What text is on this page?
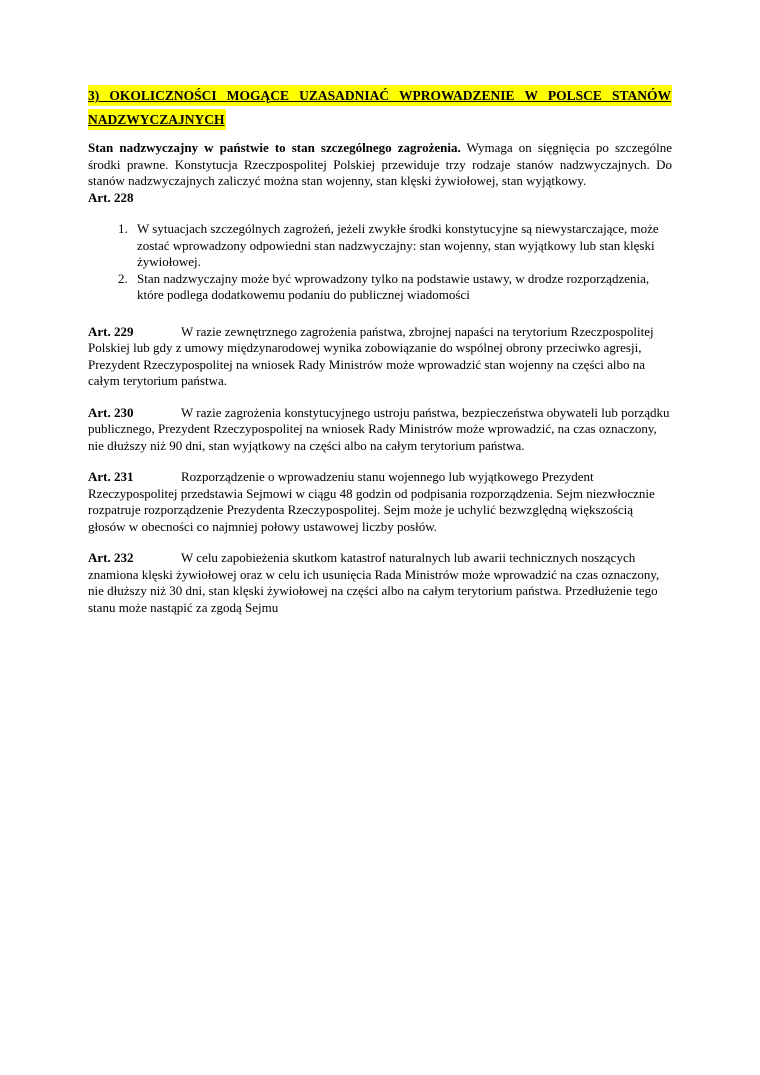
3) OKOLICZNOŚCI MOGĄCE UZASADNIAĆ WPROWADZENIE W POLSCE STANÓW
NADZWYCZAJNYCH

Stan nadzwyczajny w państwie to stan szczególnego zagrożenia. Wymaga on sięgnięcia po szczególne środki prawne. Konstytucja Rzeczpospolitej Polskiej przewiduje trzy rodzaje stanów nadzwyczajnych. Do stanów nadzwyczajnych zaliczyć można stan wojenny, stan klęski żywiołowej, stan wyjątkowy.

Art. 228

1. W sytuacjach szczególnych zagrożeń, jeżeli zwykłe środki konstytucyjne są niewystarczające, może zostać wprowadzony odpowiedni stan nadzwyczajny: stan wojenny, stan wyjątkowy lub stan klęski żywiołowej.
2. Stan nadzwyczajny może być wprowadzony tylko na podstawie ustawy, w drodze rozporządzenia, które podlega dodatkowemu podaniu do publicznej wiadomości

Art. 229	W razie zewnętrznego zagrożenia państwa, zbrojnej napaści na terytorium Rzeczpospolitej Polskiej lub gdy z umowy międzynarodowej wynika zobowiązanie do wspólnej obrony przeciwko agresji, Prezydent Rzeczypospolitej na wniosek Rady Ministrów może wprowadzić stan wojenny na części albo na całym terytorium państwa.

Art. 230	W razie zagrożenia konstytucyjnego ustroju państwa, bezpieczeństwa obywateli lub porządku publicznego, Prezydent Rzeczypospolitej na wniosek Rady Ministrów może wprowadzić, na czas oznaczony, nie dłuższy niż 90 dni, stan wyjątkowy na części albo na całym terytorium państwa.

Art. 231	Rozporządzenie o wprowadzeniu stanu wojennego lub wyjątkowego Prezydent Rzeczypospolitej przedstawia Sejmowi w ciągu 48 godzin od podpisania rozporządzenia. Sejm niezwłocznie rozpatruje rozporządzenie Prezydenta Rzeczypospolitej. Sejm może je uchylić bezwzględną większością głosów w obecności co najmniej połowy ustawowej liczby posłów.

Art. 232	W celu zapobieżenia skutkom katastrof naturalnych lub awarii technicznych noszących znamiona klęski żywiołowej oraz w celu ich usunięcia Rada Ministrów może wprowadzić na czas oznaczony, nie dłuższy niż 30 dni, stan klęski żywiołowej na części albo na całym terytorium państwa. Przedłużenie tego stanu może nastąpić za zgodą Sejmu
